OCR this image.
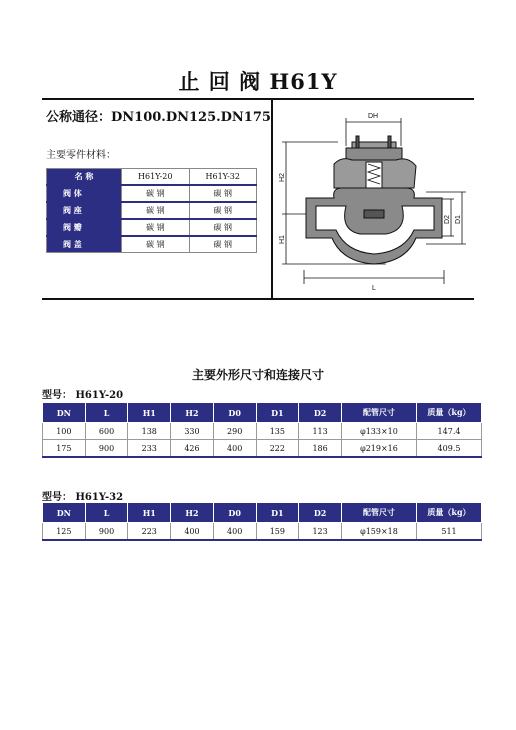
止 回 阀 H61Y
公称通径：DN100.DN125.DN175
主要零件材料：
名 称	H61Y-20	H61Y-32
阀 体	碳 钢	碳 钢
阀 座	碳 钢	碳 钢
阀 瓣	碳 钢	碳 钢
阀 盖	碳 钢	碳 钢
DH
H2
H1
D2 D1
L
主要外形尺寸和连接尺寸
型号： H61Y-20
DN	L	H1	H2	D0	D1	D2	配管尺寸	质量（kg）
100	600	138	330	290	135	113	φ133×10	147.4
175	900	233	426	400	222	186	φ219×16	409.5
型号： H61Y-32
DN	L	H1	H2	D0	D1	D2	配管尺寸	质量（kg）
125	900	223	400	400	159	123	φ159×18	511
